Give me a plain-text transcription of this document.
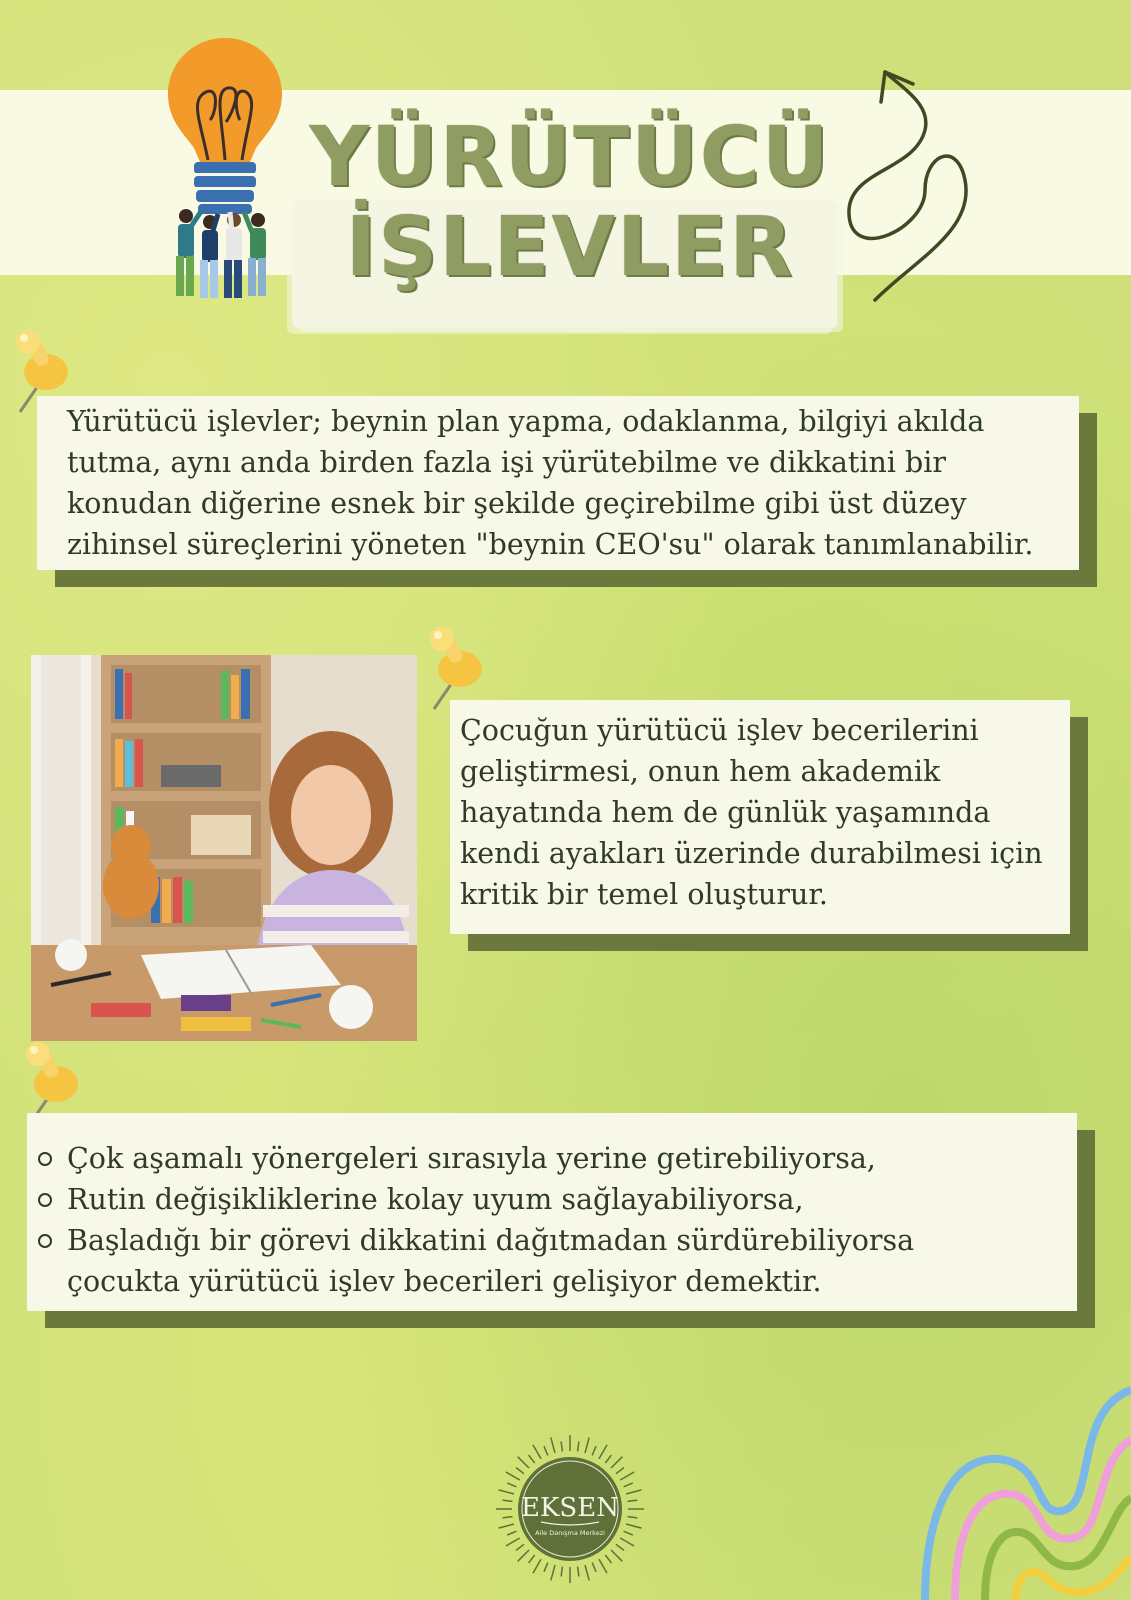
YÜRÜTÜCÜ
İŞLEVLER

Yürütücü işlevler; beynin plan yapma, odaklanma, bilgiyi akılda

tutma, aynı anda birden fazla işi yürütebilme ve dikkatini bir

konudan diğerine esnek bir şekilde geçirebilme gibi üst düzey

zihinsel süreçlerini yöneten "beynin CEO'su" olarak tanımlanabilir.

Çocuğun yürütücü işlev becerilerini

geliştirmesi, onun hem akademik

hayatında hem de günlük yaşamında

kendi ayakları üzerinde durabilmesi için

kritik bir temel oluşturur.

Çok aşamalı yönergeleri sırasıyla yerine getirebiliyorsa,
Rutin değişikliklerine kolay uyum sağlayabiliyorsa,
Başladığı bir görevi dikkatini dağıtmadan sürdürebiliyorsa

çocukta yürütücü işlev becerileri gelişiyor demektir.

EKSEN
Aile Danışma Merkezi
